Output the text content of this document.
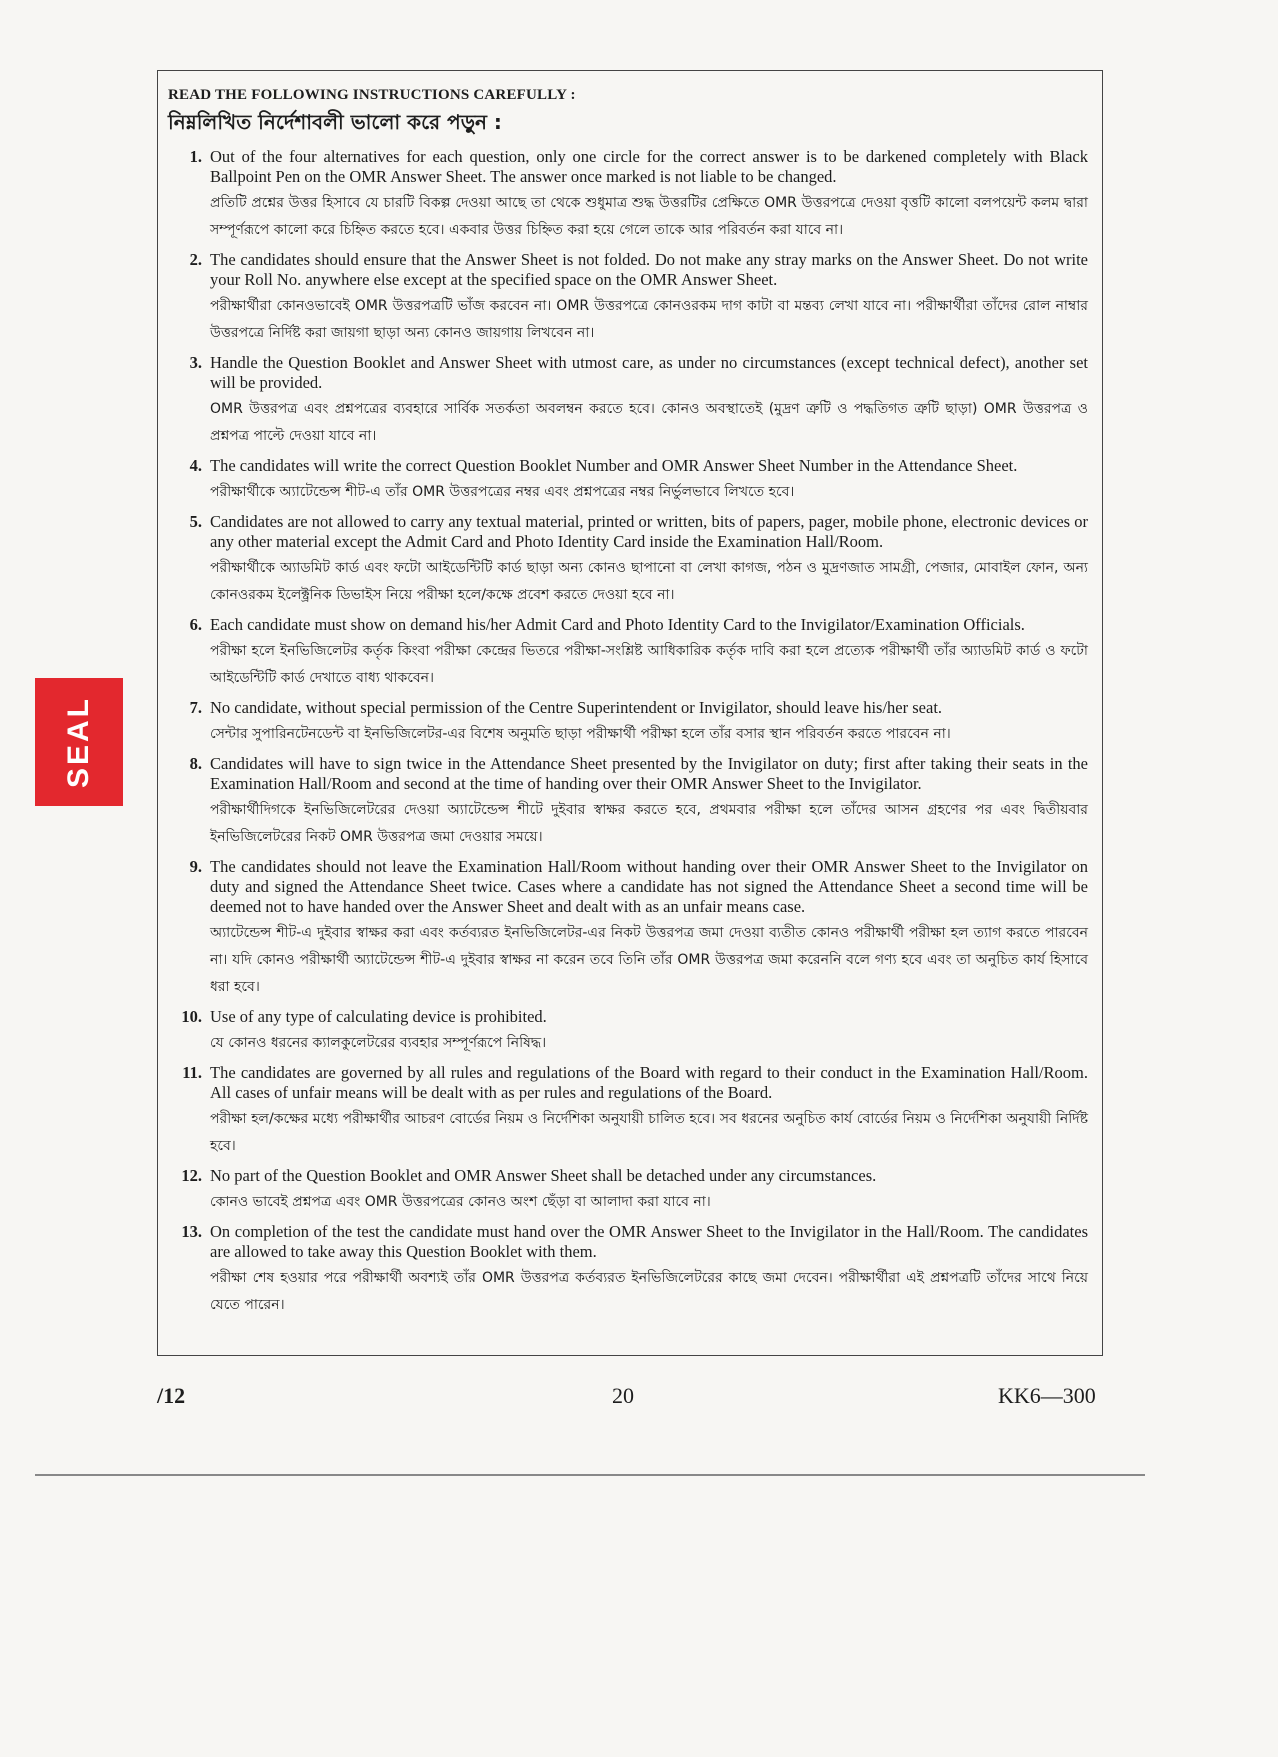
SEAL
READ THE FOLLOWING INSTRUCTIONS CAREFULLY :
নিম্নলিখিত নির্দেশাবলী ভালো করে পড়ুন :
1. Out of the four alternatives for each question, only one circle for the correct answer is to be darkened completely with Black Ballpoint Pen on the OMR Answer Sheet. The answer once marked is not liable to be changed.
প্রতিটি প্রশ্নের উত্তর হিসাবে যে চারটি বিকল্প দেওয়া আছে তা থেকে শুধুমাত্র শুদ্ধ উত্তরটির প্রেক্ষিতে OMR উত্তরপত্রে দেওয়া বৃত্তটি কালো বলপয়েন্ট কলম দ্বারা সম্পূর্ণরূপে কালো করে চিহ্নিত করতে হবে। একবার উত্তর চিহ্নিত করা হয়ে গেলে তাকে আর পরিবর্তন করা যাবে না।
2. The candidates should ensure that the Answer Sheet is not folded. Do not make any stray marks on the Answer Sheet. Do not write your Roll No. anywhere else except at the specified space on the OMR Answer Sheet.
পরীক্ষার্থীরা কোনওভাবেই OMR উত্তরপত্রটি ভাঁজ করবেন না। OMR উত্তরপত্রে কোনওরকম দাগ কাটা বা মন্তব্য লেখা যাবে না। পরীক্ষার্থীরা তাঁদের রোল নাম্বার উত্তরপত্রে নির্দিষ্ট করা জায়গা ছাড়া অন্য কোনও জায়গায় লিখবেন না।
3. Handle the Question Booklet and Answer Sheet with utmost care, as under no circumstances (except technical defect), another set will be provided.
OMR উত্তরপত্র এবং প্রশ্নপত্রের ব্যবহারে সার্বিক সতর্কতা অবলম্বন করতে হবে। কোনও অবস্থাতেই (মুদ্রণ ত্রুটি ও পদ্ধতিগত ত্রুটি ছাড়া) OMR উত্তরপত্র ও প্রশ্নপত্র পাল্টে দেওয়া যাবে না।
4. The candidates will write the correct Question Booklet Number and OMR Answer Sheet Number in the Attendance Sheet.
পরীক্ষার্থীকে অ্যাটেন্ডেন্স শীট-এ তাঁর OMR উত্তরপত্রের নম্বর এবং প্রশ্নপত্রের নম্বর নির্ভুলভাবে লিখতে হবে।
5. Candidates are not allowed to carry any textual material, printed or written, bits of papers, pager, mobile phone, electronic devices or any other material except the Admit Card and Photo Identity Card inside the Examination Hall/Room.
পরীক্ষার্থীকে অ্যাডমিট কার্ড এবং ফটো আইডেন্টিটি কার্ড ছাড়া অন্য কোনও ছাপানো বা লেখা কাগজ, পঠন ও মুদ্রণজাত সামগ্রী, পেজার, মোবাইল ফোন, অন্য কোনওরকম ইলেক্ট্রনিক ডিভাইস নিয়ে পরীক্ষা হলে/কক্ষে প্রবেশ করতে দেওয়া হবে না।
6. Each candidate must show on demand his/her Admit Card and Photo Identity Card to the Invigilator/Examination Officials.
পরীক্ষা হলে ইনভিজিলেটর কর্তৃক কিংবা পরীক্ষা কেন্দ্রের ভিতরে পরীক্ষা-সংশ্লিষ্ট আধিকারিক কর্তৃক দাবি করা হলে প্রত্যেক পরীক্ষার্থী তাঁর অ্যাডমিট কার্ড ও ফটো আইডেন্টিটি কার্ড দেখাতে বাধ্য থাকবেন।
7. No candidate, without special permission of the Centre Superintendent or Invigilator, should leave his/her seat.
সেন্টার সুপারিনটেনডেন্ট বা ইনভিজিলেটর-এর বিশেষ অনুমতি ছাড়া পরীক্ষার্থী পরীক্ষা হলে তাঁর বসার স্থান পরিবর্তন করতে পারবেন না।
8. Candidates will have to sign twice in the Attendance Sheet presented by the Invigilator on duty; first after taking their seats in the Examination Hall/Room and second at the time of handing over their OMR Answer Sheet to the Invigilator.
পরীক্ষার্থীদিগকে ইনভিজিলেটরের দেওয়া অ্যাটেন্ডেন্স শীটে দুইবার স্বাক্ষর করতে হবে, প্রথমবার পরীক্ষা হলে তাঁদের আসন গ্রহণের পর এবং দ্বিতীয়বার ইনভিজিলেটরের নিকট OMR উত্তরপত্র জমা দেওয়ার সময়ে।
9. The candidates should not leave the Examination Hall/Room without handing over their OMR Answer Sheet to the Invigilator on duty and signed the Attendance Sheet twice. Cases where a candidate has not signed the Attendance Sheet a second time will be deemed not to have handed over the Answer Sheet and dealt with as an unfair means case.
অ্যাটেন্ডেন্স শীট-এ দুইবার স্বাক্ষর করা এবং কর্তব্যরত ইনভিজিলেটর-এর নিকট উত্তরপত্র জমা দেওয়া ব্যতীত কোনও পরীক্ষার্থী পরীক্ষা হল ত্যাগ করতে পারবেন না। যদি কোনও পরীক্ষার্থী অ্যাটেন্ডেন্স শীট-এ দুইবার স্বাক্ষর না করেন তবে তিনি তাঁর OMR উত্তরপত্র জমা করেননি বলে গণ্য হবে এবং তা অনুচিত কার্য হিসাবে ধরা হবে।
10. Use of any type of calculating device is prohibited.
যে কোনও ধরনের ক্যালকুলেটরের ব্যবহার সম্পূর্ণরূপে নিষিদ্ধ।
11. The candidates are governed by all rules and regulations of the Board with regard to their conduct in the Examination Hall/Room. All cases of unfair means will be dealt with as per rules and regulations of the Board.
পরীক্ষা হল/কক্ষের মধ্যে পরীক্ষার্থীর আচরণ বোর্ডের নিয়ম ও নির্দেশিকা অনুযায়ী চালিত হবে। সব ধরনের অনুচিত কার্য বোর্ডের নিয়ম ও নির্দেশিকা অনুযায়ী নির্দিষ্ট হবে।
12. No part of the Question Booklet and OMR Answer Sheet shall be detached under any circumstances.
কোনও ভাবেই প্রশ্নপত্র এবং OMR উত্তরপত্রের কোনও অংশ ছেঁড়া বা আলাদা করা যাবে না।
13. On completion of the test the candidate must hand over the OMR Answer Sheet to the Invigilator in the Hall/Room. The candidates are allowed to take away this Question Booklet with them.
পরীক্ষা শেষ হওয়ার পরে পরীক্ষার্থী অবশ্যই তাঁর OMR উত্তরপত্র কর্তব্যরত ইনভিজিলেটরের কাছে জমা দেবেন। পরীক্ষার্থীরা এই প্রশ্নপত্রটি তাঁদের সাথে নিয়ে যেতে পারেন।
/12	20	KK6—300
